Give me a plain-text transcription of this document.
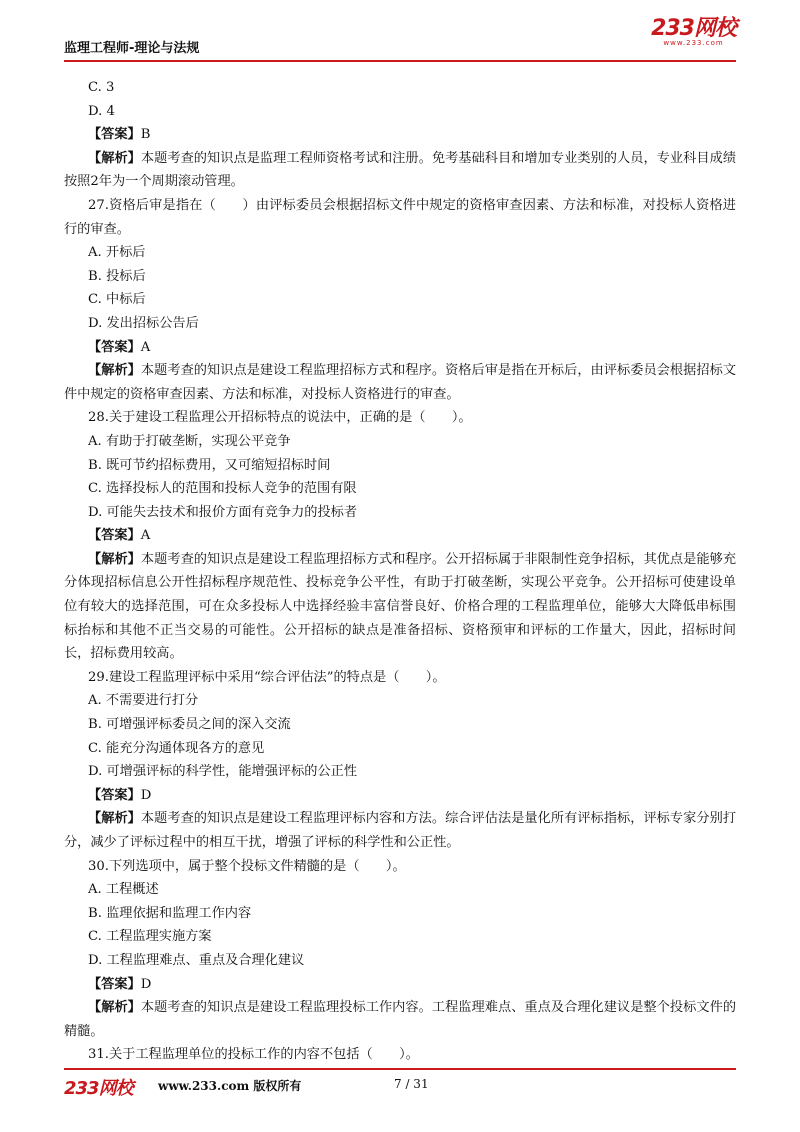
监理工程师-理论与法规
233网校
www.233.com
C. 3
D. 4
【答案】B
【解析】本题考查的知识点是监理工程师资格考试和注册。免考基础科目和增加专业类别的人员，专业科目成绩按照2年为一个周期滚动管理。
27.资格后审是指在（　　）由评标委员会根据招标文件中规定的资格审查因素、方法和标准，对投标人资格进行的审查。
A. 开标后
B. 投标后
C. 中标后
D. 发出招标公告后
【答案】A
【解析】本题考查的知识点是建设工程监理招标方式和程序。资格后审是指在开标后，由评标委员会根据招标文件中规定的资格审查因素、方法和标准，对投标人资格进行的审查。
28.关于建设工程监理公开招标特点的说法中，正确的是（　　）。
A. 有助于打破垄断，实现公平竞争
B. 既可节约招标费用，又可缩短招标时间
C. 选择投标人的范围和投标人竞争的范围有限
D. 可能失去技术和报价方面有竞争力的投标者
【答案】A
【解析】本题考查的知识点是建设工程监理招标方式和程序。公开招标属于非限制性竞争招标，其优点是能够充分体现招标信息公开性招标程序规范性、投标竞争公平性，有助于打破垄断，实现公平竞争。公开招标可使建设单位有较大的选择范围，可在众多投标人中选择经验丰富信誉良好、价格合理的工程监理单位，能够大大降低串标围标抬标和其他不正当交易的可能性。公开招标的缺点是准备招标、资格预审和评标的工作量大，因此，招标时间长，招标费用较高。
29.建设工程监理评标中采用“综合评估法”的特点是（　　）。
A. 不需要进行打分
B. 可增强评标委员之间的深入交流
C. 能充分沟通体现各方的意见
D. 可增强评标的科学性，能增强评标的公正性
【答案】D
【解析】本题考查的知识点是建设工程监理评标内容和方法。综合评估法是量化所有评标指标，评标专家分别打分，减少了评标过程中的相互干扰，增强了评标的科学性和公正性。
30.下列选项中，属于整个投标文件精髓的是（　　）。
A. 工程概述
B. 监理依据和监理工作内容
C. 工程监理实施方案
D. 工程监理难点、重点及合理化建议
【答案】D
【解析】本题考查的知识点是建设工程监理投标工作内容。工程监理难点、重点及合理化建议是整个投标文件的精髓。
31.关于工程监理单位的投标工作的内容不包括（　　）。
233网校 www.233.com 版权所有	7 / 31
